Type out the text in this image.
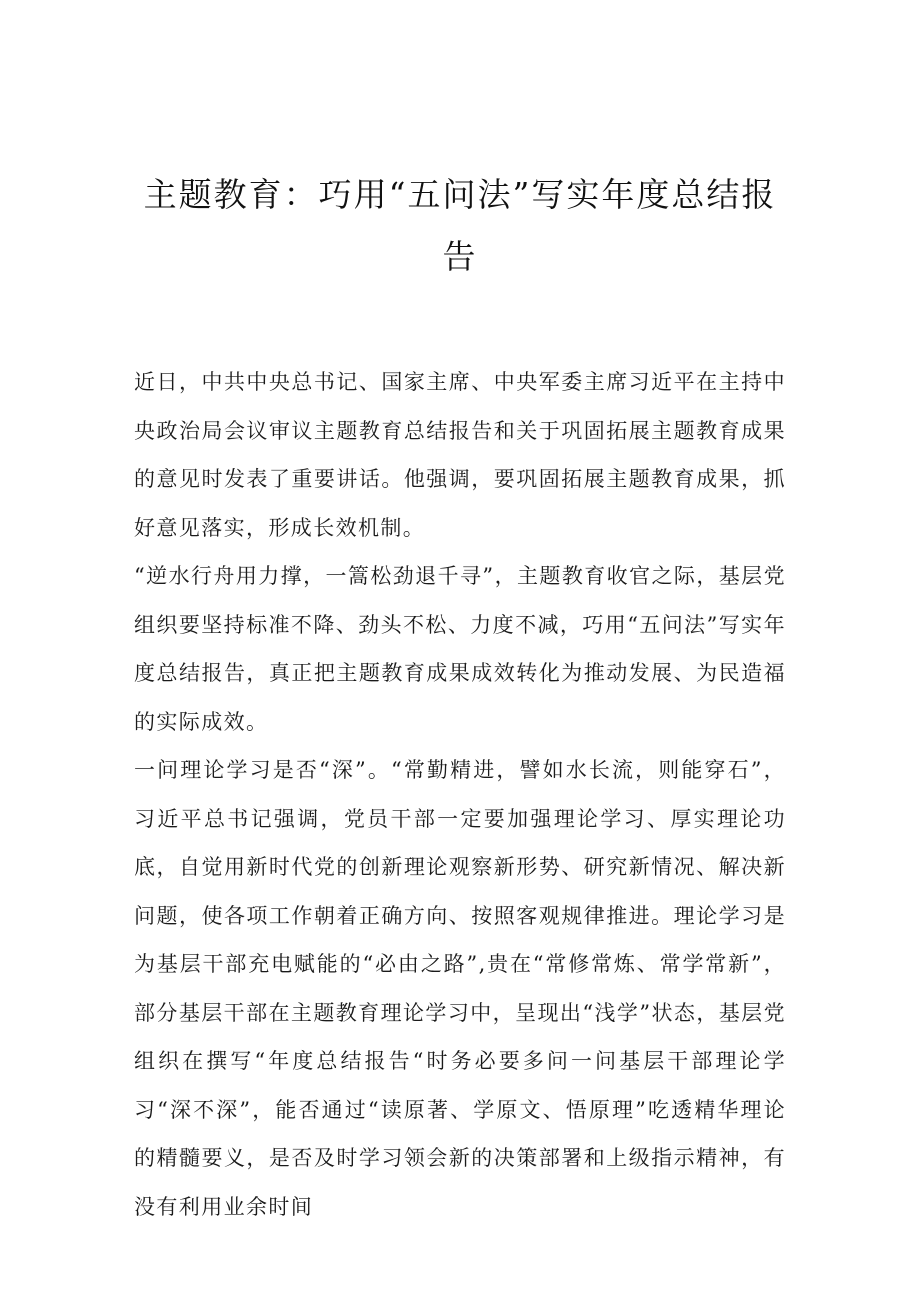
主题教育：巧用“五问法”写实年度总结报告

近日，中共中央总书记、国家主席、中央军委主席习近平在主持中央政治局会议审议主题教育总结报告和关于巩固拓展主题教育成果的意见时发表了重要讲话。他强调，要巩固拓展主题教育成果，抓好意见落实，形成长效机制。

“逆水行舟用力撑，一篙松劲退千寻”，主题教育收官之际，基层党组织要坚持标准不降、劲头不松、力度不减，巧用“五问法”写实年度总结报告，真正把主题教育成果成效转化为推动发展、为民造福的实际成效。

一问理论学习是否“深”。“常勤精进，譬如水长流，则能穿石”，习近平总书记强调，党员干部一定要加强理论学习、厚实理论功底，自觉用新时代党的创新理论观察新形势、研究新情况、解决新问题，使各项工作朝着正确方向、按照客观规律推进。理论学习是为基层干部充电赋能的“必由之路”,贵在“常修常炼、常学常新”，部分基层干部在主题教育理论学习中，呈现出“浅学”状态，基层党组织在撰写“年度总结报告“时务必要多问一问基层干部理论学习“深不深”，能否通过“读原著、学原文、悟原理”吃透精华理论的精髓要义，是否及时学习领会新的决策部署和上级指示精神，有没有利用业余时间
